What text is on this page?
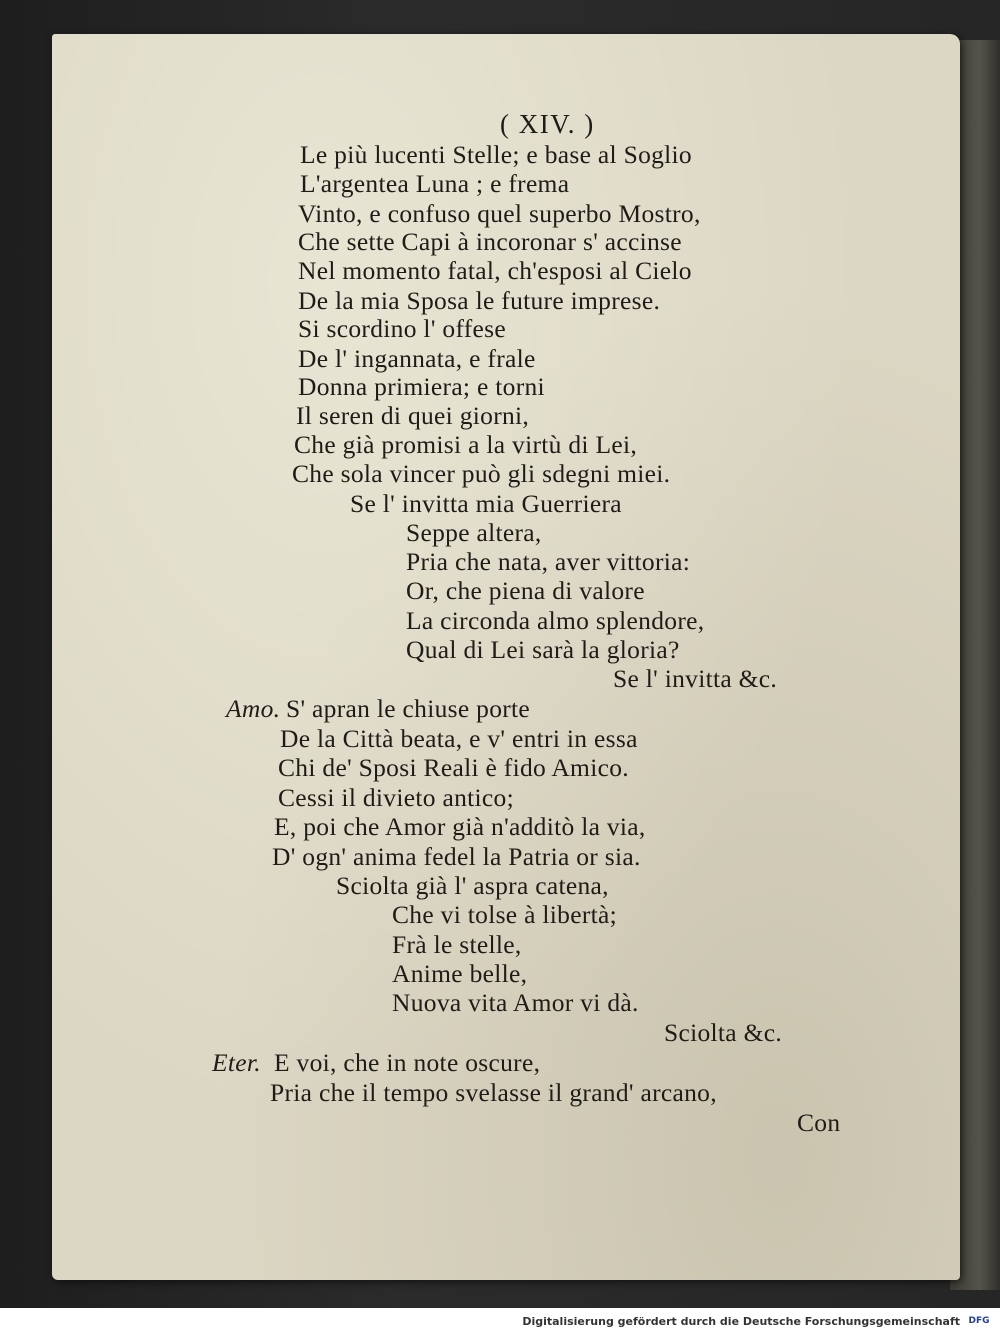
( XIV. )
Le più lucenti Stelle; e base al Soglio
L'argentea Luna ; e frema
Vinto, e confuso quel superbo Mostro,
Che sette Capi à incoronar s' accinse
Nel momento fatal, ch'esposi al Cielo
De la mia Sposa le future imprese.
Si scordino l' offese
De l' ingannata, e frale
Donna primiera; e torni
Il seren di quei giorni,
Che già promisi a la virtù di Lei,
Che sola vincer può gli sdegni miei.
Se l' invitta mia Guerriera
Seppe altera,
Pria che nata, aver vittoria:
Or, che piena di valore
La circonda almo splendore,
Qual di Lei sarà la gloria?
Se l' invitta &c.
Amo. S' apran le chiuse porte
De la Città beata, e v' entri in essa
Chi de' Sposi Reali è fido Amico.
Cessi il divieto antico;
E, poi che Amor già n'additò la via,
D' ogn' anima fedel la Patria or sia.
Sciolta già l' aspra catena,
Che vi tolse à libertà;
Frà le stelle,
Anime belle,
Nuova vita Amor vi dà.
Sciolta &c.
Eter. E voi, che in note oscure,
Pria che il tempo svelasse il grand' arcano,
Con
Digitalisierung gefördert durch die Deutsche Forschungsgemeinschaft DFG
